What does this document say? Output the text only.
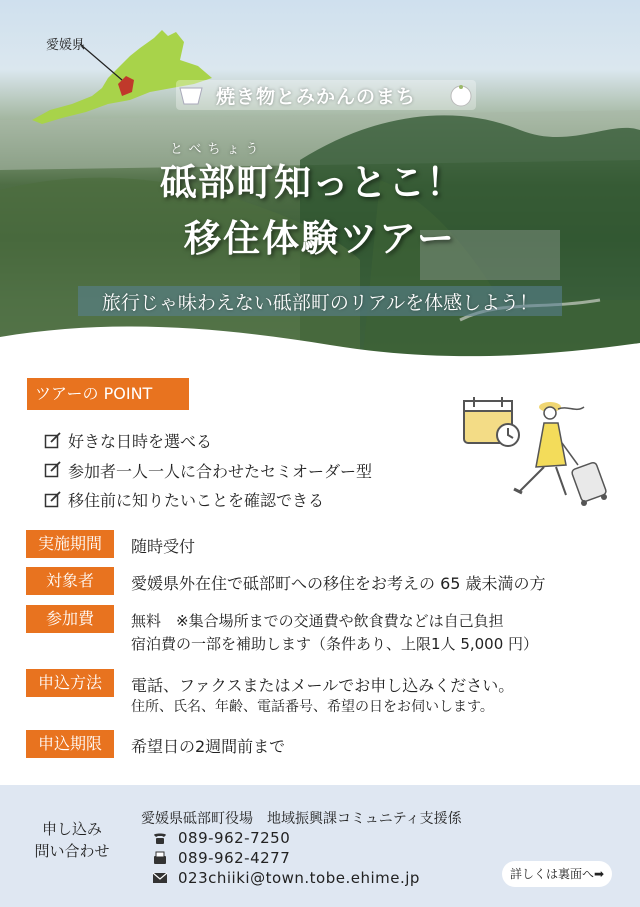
愛媛県
焼き物とみかんのまち
とべちょう
砥部町知っとこ！
移住体験ツアー
旅行じゃ味わえない砥部町のリアルを体感しよう！
ツアーの POINT
好きな日時を選べる
参加者一人一人に合わせたセミオーダー型
移住前に知りたいことを確認できる
実施期間	随時受付
対象者	愛媛県外在住で砥部町への移住をお考えの 65 歳未満の方
参加費	無料　※集合場所までの交通費や飲食費などは自己負担
宿泊費の一部を補助します（条件あり、上限1人 5,000 円）
申込方法	電話、ファクスまたはメールでお申し込みください。
住所、氏名、年齢、電話番号、希望の日をお伺いします。
申込期限	希望日の2週間前まで
申し込み
問い合わせ
愛媛県砥部町役場　地域振興課コミュニティ支援係
089-962-7250
089-962-4277
023chiiki@town.tobe.ehime.jp	詳しくは裏面へ➡
